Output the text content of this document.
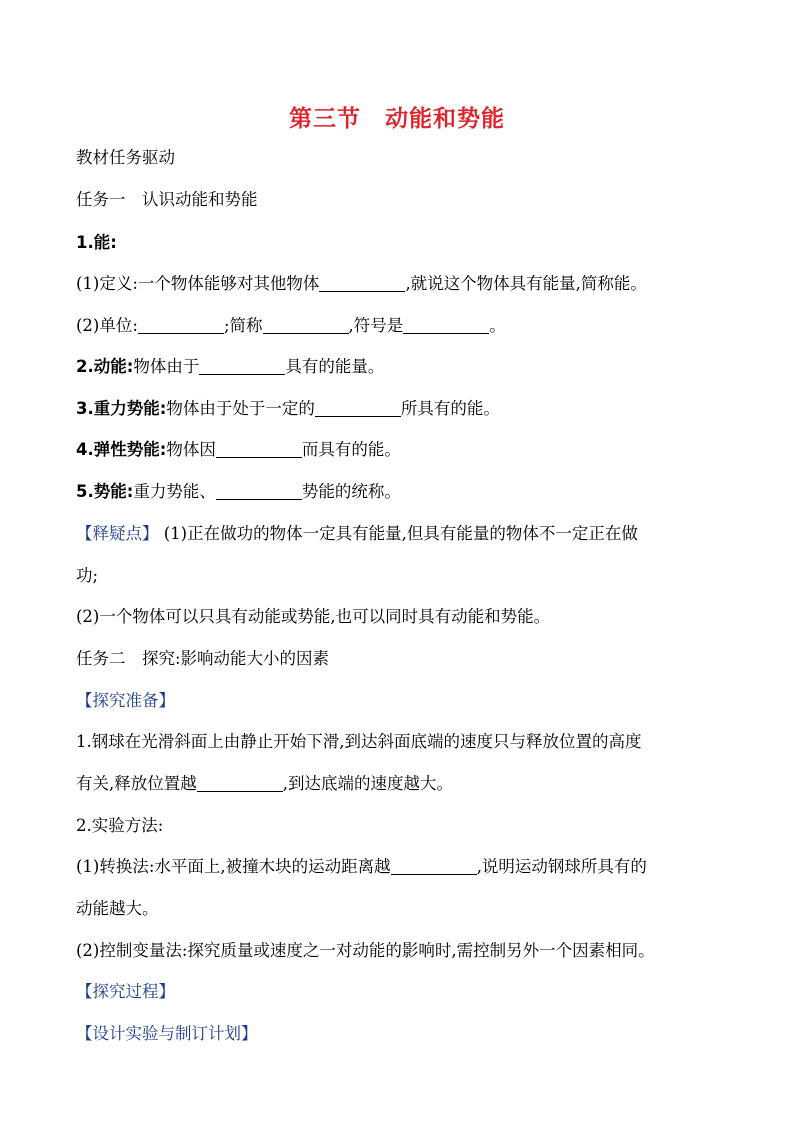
第三节　动能和势能
教材任务驱动
任务一　认识动能和势能
1.能:
(1)定义:一个物体能够对其他物体	,就说这个物体具有能量,简称能。
(2)单位:	;简称	,符号是	。
2.动能:物体由于	具有的能量。
3.重力势能:物体由于处于一定的	所具有的能。
4.弹性势能:物体因	而具有的能。
5.势能:重力势能、	势能的统称。
【释疑点】 (1)正在做功的物体一定具有能量,但具有能量的物体不一定正在做
功;
(2)一个物体可以只具有动能或势能,也可以同时具有动能和势能。
任务二　探究:影响动能大小的因素
【探究准备】
1.钢球在光滑斜面上由静止开始下滑,到达斜面底端的速度只与释放位置的高度
有关,释放位置越	,到达底端的速度越大。
2.实验方法:
(1)转换法:水平面上,被撞木块的运动距离越	,说明运动钢球所具有的
动能越大。
(2)控制变量法:探究质量或速度之一对动能的影响时,需控制另外一个因素相同。
【探究过程】
【设计实验与制订计划】
